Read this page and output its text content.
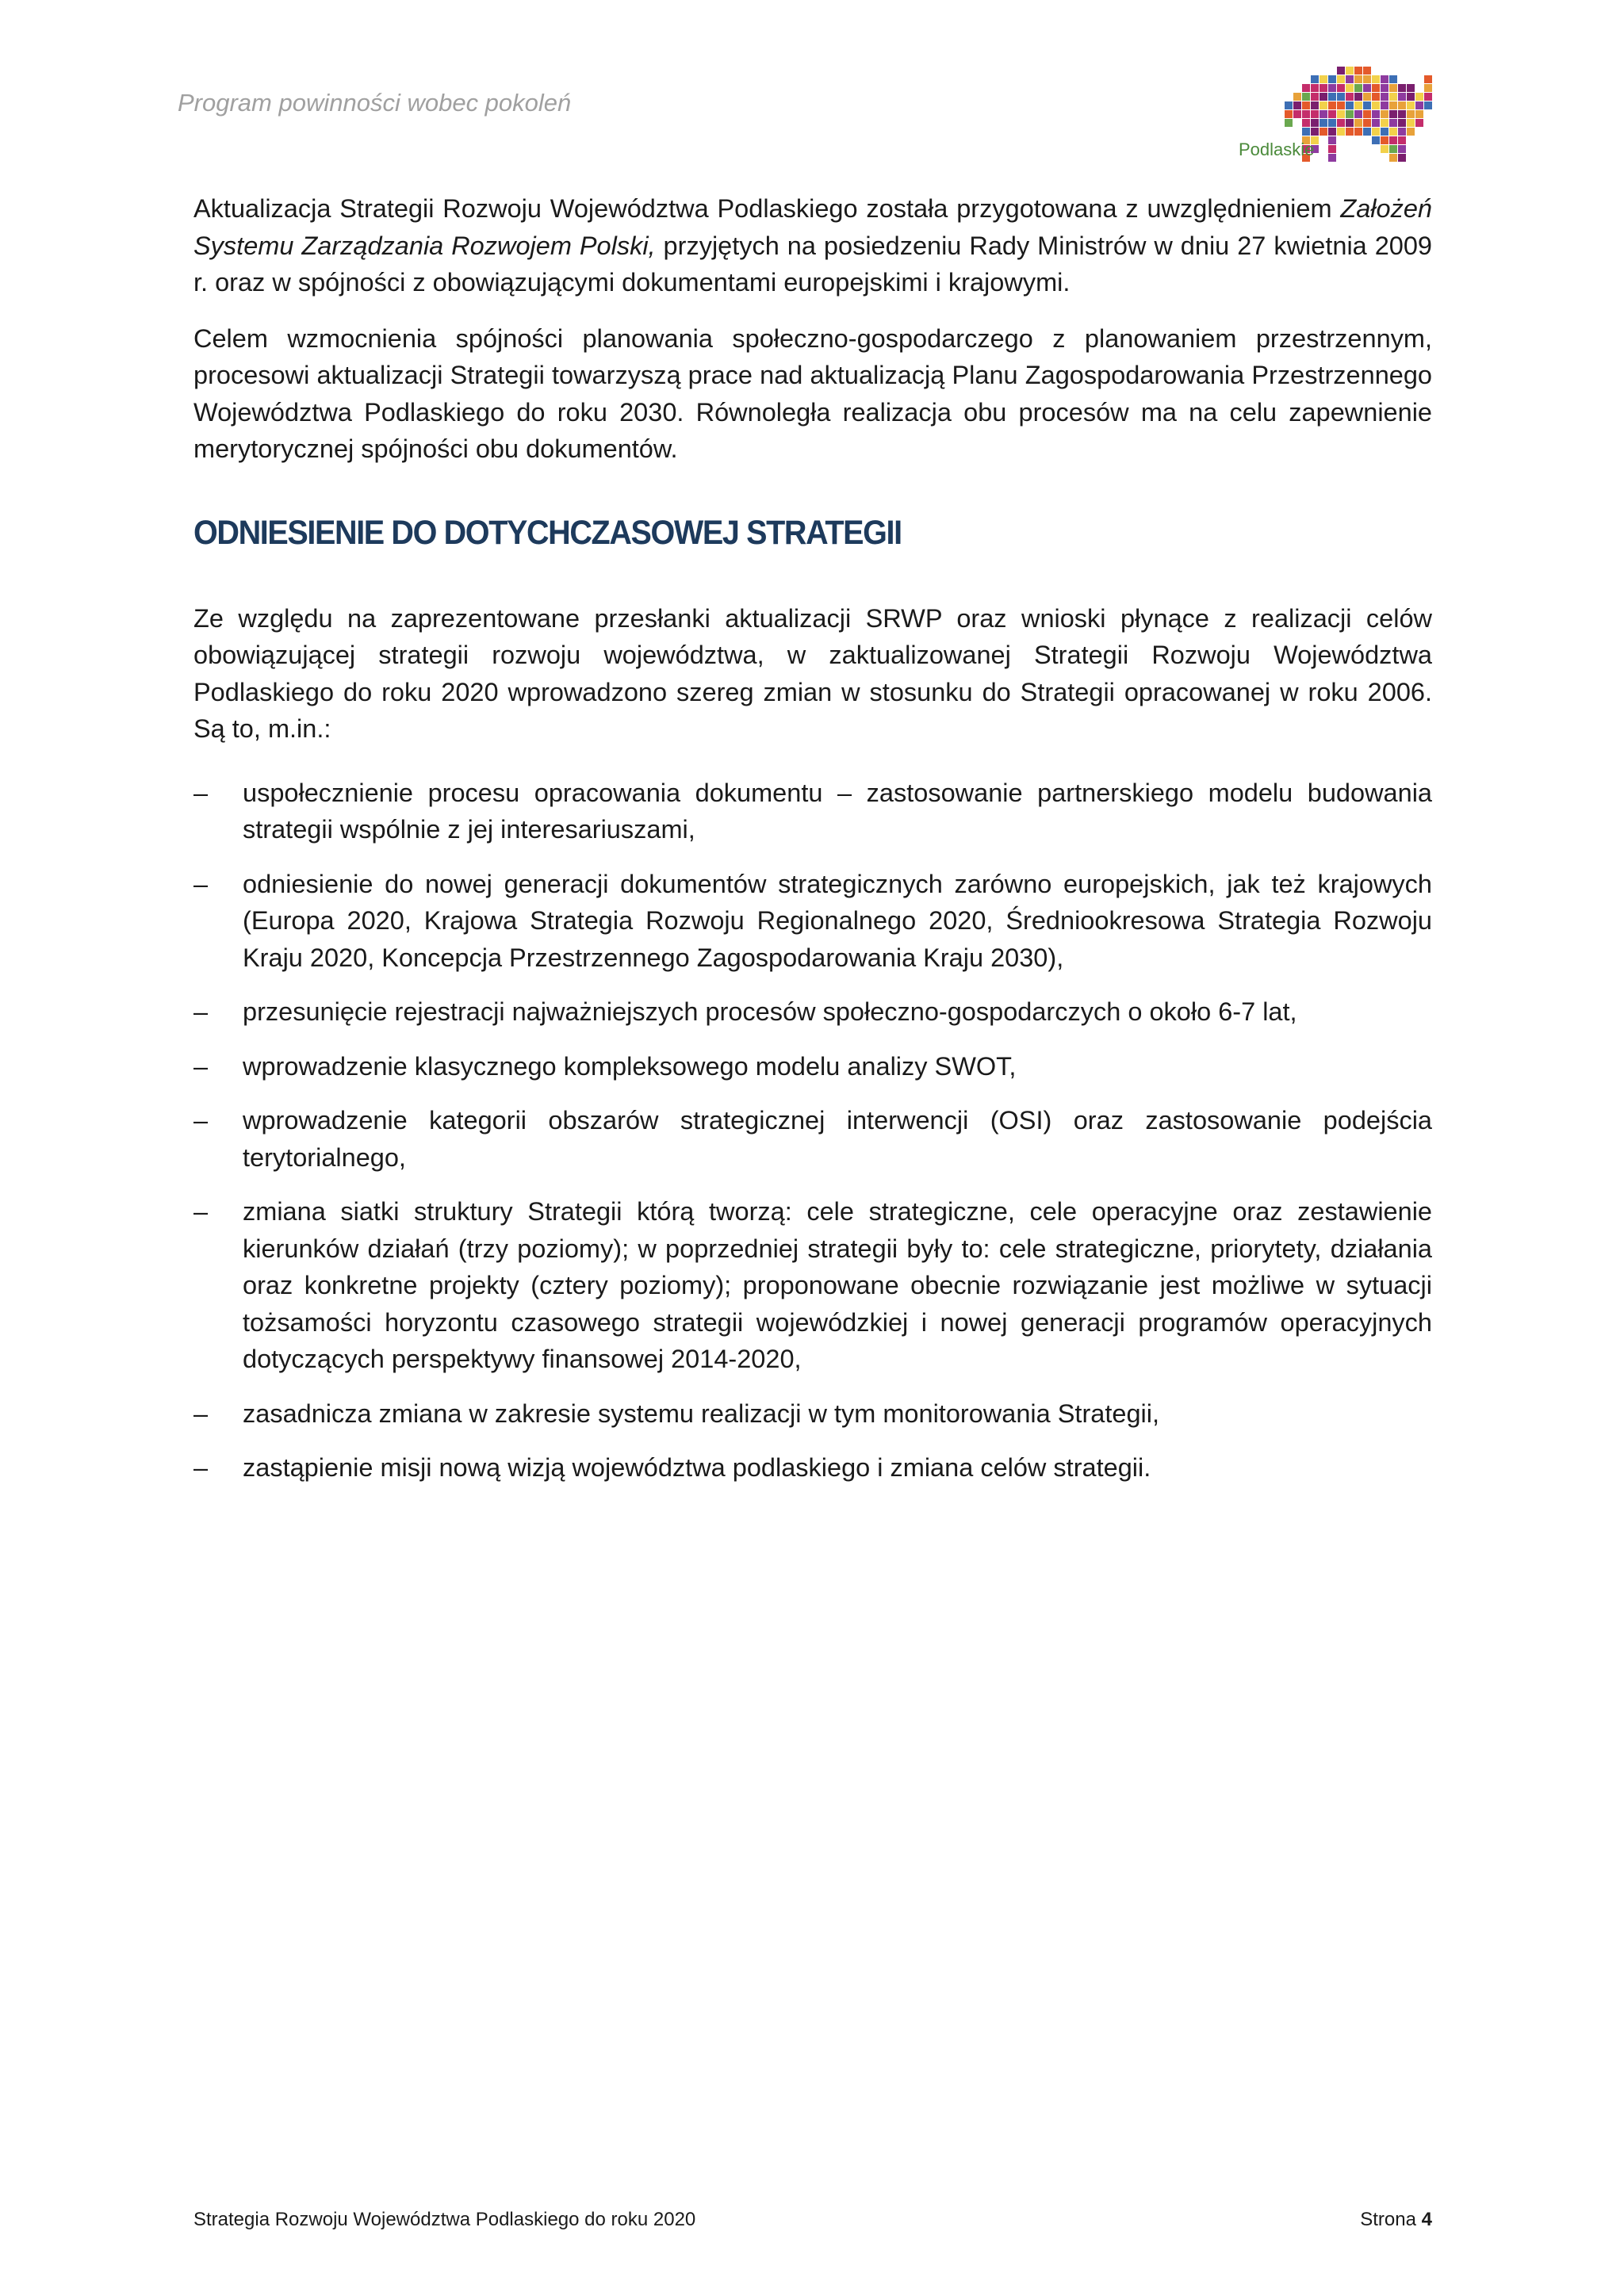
Program powinności wobec pokoleń
Podlaskie

Aktualizacja Strategii Rozwoju Województwa Podlaskiego została przygotowana z uwzględnieniem Założeń Systemu Zarządzania Rozwojem Polski, przyjętych na posiedzeniu Rady Ministrów w dniu 27 kwietnia 2009 r. oraz w spójności z obowiązującymi dokumentami europejskimi i krajowymi.

Celem wzmocnienia spójności planowania społeczno-gospodarczego z planowaniem przestrzennym, procesowi aktualizacji Strategii towarzyszą prace nad aktualizacją Planu Zagospodarowania Przestrzennego Województwa Podlaskiego do roku 2030. Równoległa realizacja obu procesów ma na celu zapewnienie merytorycznej spójności obu dokumentów.

ODNIESIENIE DO DOTYCHCZASOWEJ STRATEGII

Ze względu na zaprezentowane przesłanki aktualizacji SRWP oraz wnioski płynące z realizacji celów obowiązującej strategii rozwoju województwa, w zaktualizowanej Strategii Rozwoju Województwa Podlaskiego do roku 2020 wprowadzono szereg zmian w stosunku do Strategii opracowanej w roku 2006. Są to, m.in.:

–	uspołecznienie procesu opracowania dokumentu – zastosowanie partnerskiego modelu budowania strategii wspólnie z jej interesariuszami,
–	odniesienie do nowej generacji dokumentów strategicznych zarówno europejskich, jak też krajowych (Europa 2020, Krajowa Strategia Rozwoju Regionalnego 2020, Średniookresowa Strategia Rozwoju Kraju 2020, Koncepcja Przestrzennego Zagospodarowania Kraju 2030),
–	przesunięcie rejestracji najważniejszych procesów społeczno-gospodarczych o około 6-7 lat,
–	wprowadzenie klasycznego kompleksowego modelu analizy SWOT,
–	wprowadzenie kategorii obszarów strategicznej interwencji (OSI) oraz zastosowanie podejścia terytorialnego,
–	zmiana siatki struktury Strategii którą tworzą: cele strategiczne, cele operacyjne oraz zestawienie kierunków działań (trzy poziomy); w poprzedniej strategii były to: cele strategiczne, priorytety, działania oraz konkretne projekty (cztery poziomy); proponowane obecnie rozwiązanie jest możliwe w sytuacji tożsamości horyzontu czasowego strategii wojewódzkiej i nowej generacji programów operacyjnych dotyczących perspektywy finansowej 2014-2020,
–	zasadnicza zmiana w zakresie systemu realizacji w tym monitorowania Strategii,
–	zastąpienie misji nową wizją województwa podlaskiego i zmiana celów strategii.
Strategia Rozwoju Województwa Podlaskiego do roku 2020	Strona 4
